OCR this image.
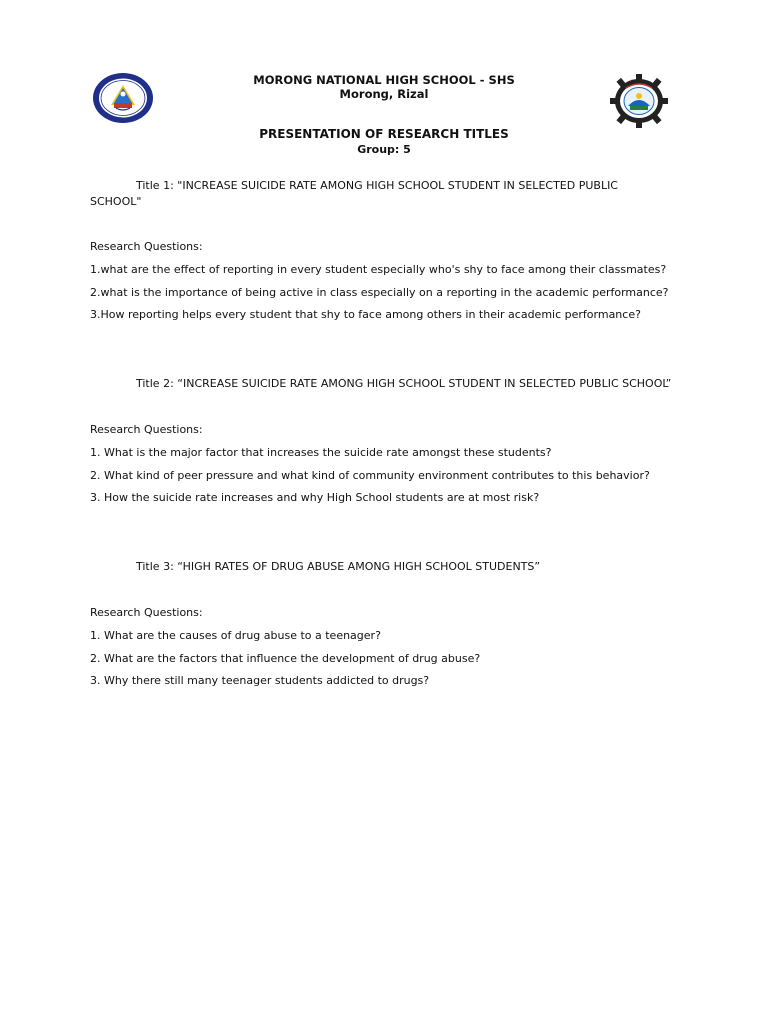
MORONG NATIONAL HIGH SCHOOL - SHS
Morong, Rizal
PRESENTATION OF RESEARCH TITLES
Group: 5
Title 1: "INCREASE SUICIDE RATE AMONG HIGH SCHOOL STUDENT IN SELECTED PUBLIC
SCHOOL"
Research Questions:
1.what are the effect of reporting in every student especially who's shy to face among their classmates?
2.what is the importance of being active in class especially on a reporting in the academic performance?
3.How reporting helps every student that shy to face among others in their academic performance?
Title 2: “INCREASE SUICIDE RATE AMONG HIGH SCHOOL STUDENT IN SELECTED PUBLIC SCHOOL”
Research Questions:
1. What is the major factor that increases the suicide rate amongst these students?
2. What kind of peer pressure and what kind of community environment contributes to this behavior?
3. How the suicide rate increases and why High School students are at most risk?
Title 3: “HIGH RATES OF DRUG ABUSE AMONG HIGH SCHOOL STUDENTS”
Research Questions:
1. What are the causes of drug abuse to a teenager?
2. What are the factors that influence the development of drug abuse?
3. Why there still many teenager students addicted to drugs?
